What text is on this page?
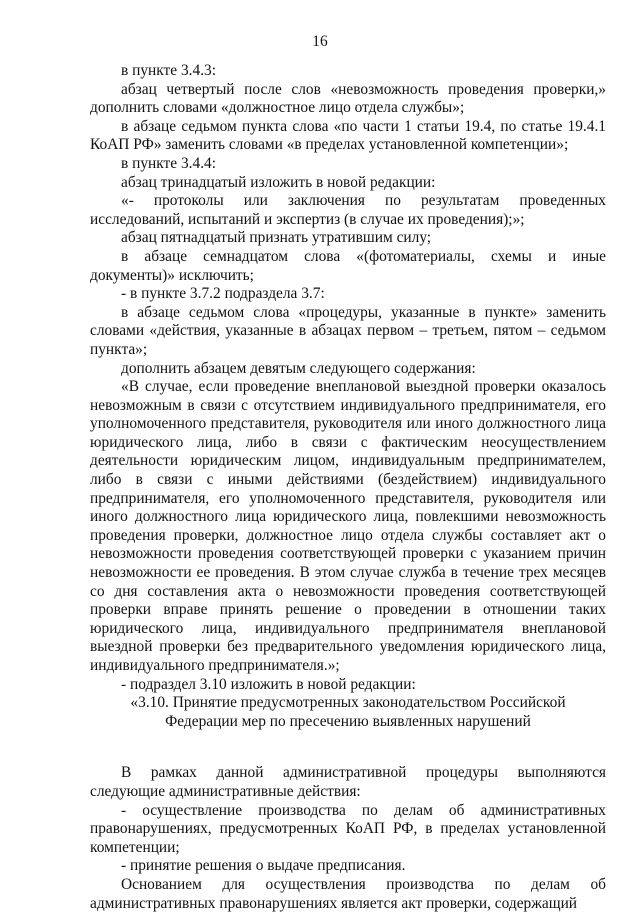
16

в пункте 3.4.3:

абзац четвертый после слов «невозможность проведения проверки,» дополнить словами «должностное лицо отдела службы»;

в абзаце седьмом пункта слова «по части 1 статьи 19.4, по статье 19.4.1 КоАП РФ» заменить словами «в пределах установленной компетенции»;

в пункте 3.4.4:

абзац тринадцатый изложить в новой редакции:

«- протоколы или заключения по результатам проведенных исследований, испытаний и экспертиз (в случае их проведения);»;

абзац пятнадцатый признать утратившим силу;

в абзаце семнадцатом слова «(фотоматериалы, схемы и иные документы)» исключить;

- в пункте 3.7.2 подраздела 3.7:

в абзаце седьмом слова «процедуры, указанные в пункте» заменить словами «действия, указанные в абзацах первом – третьем, пятом – седьмом пункта»;

дополнить абзацем девятым следующего содержания:

«В случае, если проведение внеплановой выездной проверки оказалось невозможным в связи с отсутствием индивидуального предпринимателя, его уполномоченного представителя, руководителя или иного должностного лица юридического лица, либо в связи с фактическим неосуществлением деятельности юридическим лицом, индивидуальным предпринимателем, либо в связи с иными действиями (бездействием) индивидуального предпринимателя, его уполномоченного представителя, руководителя или иного должностного лица юридического лица, повлекшими невозможность проведения проверки, должностное лицо отдела службы составляет акт о невозможности проведения соответствующей проверки с указанием причин невозможности ее проведения. В этом случае служба в течение трех месяцев со дня составления акта о невозможности проведения соответствующей проверки вправе принять решение о проведении в отношении таких юридического лица, индивидуального предпринимателя внеплановой выездной проверки без предварительного уведомления юридического лица, индивидуального предпринимателя.»;

- подраздел 3.10 изложить в новой редакции:

«3.10. Принятие предусмотренных законодательством Российской Федерации мер по пресечению выявленных нарушений

В рамках данной административной процедуры выполняются следующие административные действия:

- осуществление производства по делам об административных правонарушениях, предусмотренных КоАП РФ, в пределах установленной компетенции;

- принятие решения о выдаче предписания.

Основанием для осуществления производства по делам об административных правонарушениях является акт проверки, содержащий
